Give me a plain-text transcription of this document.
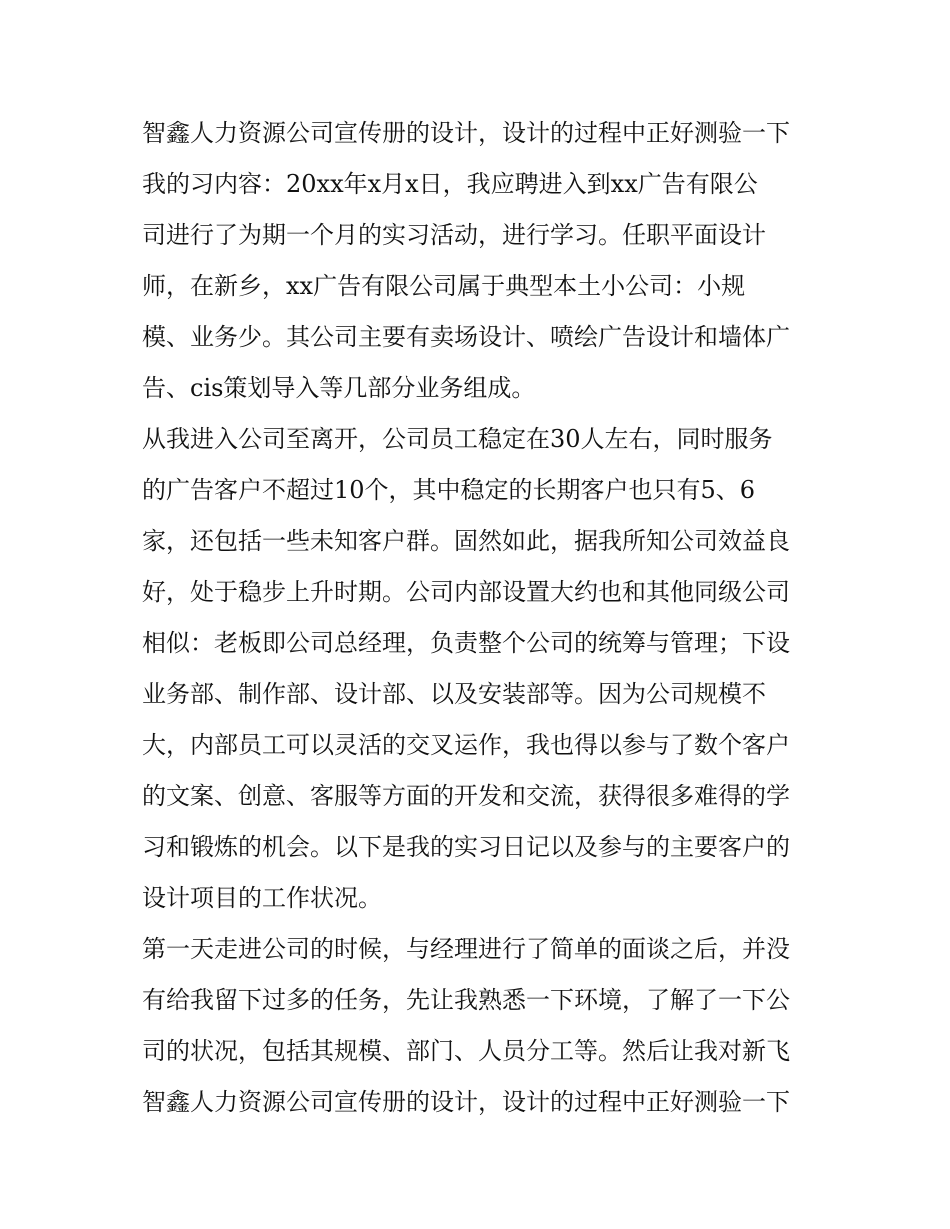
智鑫人力资源公司宣传册的设计，设计的过程中正好测验一下
我的习内容：20xx年x月x日，我应聘进入到xx广告有限公
司进行了为期一个月的实习活动，进行学习。任职平面设计
师，在新乡，xx广告有限公司属于典型本土小公司：小规
模、业务少。其公司主要有卖场设计、喷绘广告设计和墙体广
告、cis策划导入等几部分业务组成。
从我进入公司至离开，公司员工稳定在30人左右，同时服务
的广告客户不超过10个，其中稳定的长期客户也只有5、6
家，还包括一些未知客户群。固然如此，据我所知公司效益良
好，处于稳步上升时期。公司内部设置大约也和其他同级公司
相似：老板即公司总经理，负责整个公司的统筹与管理；下设
业务部、制作部、设计部、以及安装部等。因为公司规模不
大，内部员工可以灵活的交叉运作，我也得以参与了数个客户
的文案、创意、客服等方面的开发和交流，获得很多难得的学
习和锻炼的机会。以下是我的实习日记以及参与的主要客户的
设计项目的工作状况。
第一天走进公司的时候，与经理进行了简单的面谈之后，并没
有给我留下过多的任务，先让我熟悉一下环境，了解了一下公
司的状况，包括其规模、部门、人员分工等。然后让我对新飞
智鑫人力资源公司宣传册的设计，设计的过程中正好测验一下
